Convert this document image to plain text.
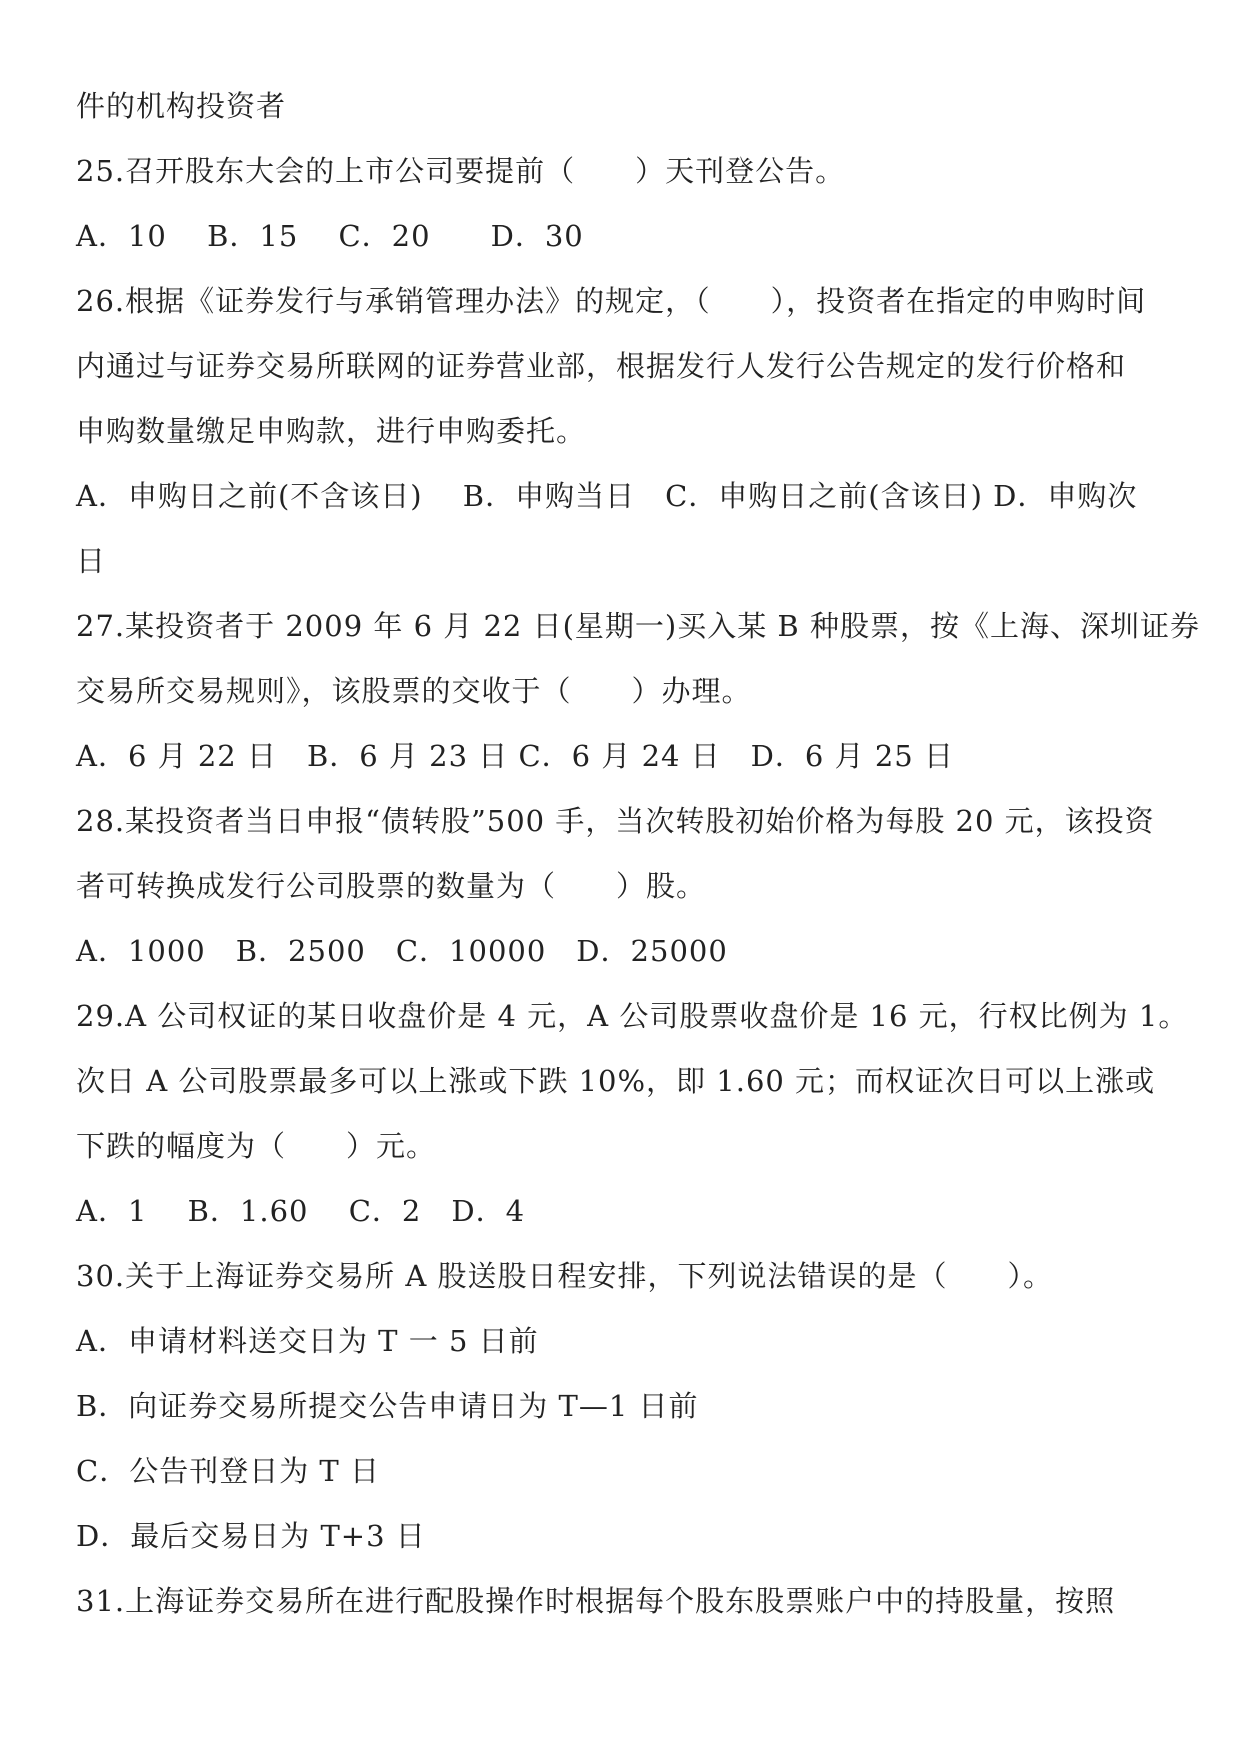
件的机构投资者
25.召开股东大会的上市公司要提前（　　）天刊登公告。
A．10　 B．15　 C．20　　D．30
26.根据《证券发行与承销管理办法》的规定，（　　），投资者在指定的申购时间
内通过与证券交易所联网的证券营业部，根据发行人发行公告规定的发行价格和
申购数量缴足申购款，进行申购委托。
A．申购日之前(不含该日)　 B．申购当日　C．申购日之前(含该日) D．申购次
日
27.某投资者于 2009 年 6 月 22 日(星期一)买入某 B 种股票，按《上海、深圳证券
交易所交易规则》，该股票的交收于（　　）办理。
A．6 月 22 日　B．6 月 23 日 C．6 月 24 日　D．6 月 25 日
28.某投资者当日申报“债转股”500 手，当次转股初始价格为每股 20 元，该投资
者可转换成发行公司股票的数量为（　　）股。
A．1000　B．2500　C．10000　D．25000
29.A 公司权证的某日收盘价是 4 元，A 公司股票收盘价是 16 元，行权比例为 1。
次日 A 公司股票最多可以上涨或下跌 10%，即 1.60 元；而权证次日可以上涨或
下跌的幅度为（　　）元。
A．1　 B．1.60　 C．2　D．4
30.关于上海证券交易所 A 股送股日程安排，下列说法错误的是（　　）。
A．申请材料送交日为 T 一 5 日前
B．向证券交易所提交公告申请日为 T—1 日前
C．公告刊登日为 T 日
D．最后交易日为 T+3 日
31.上海证券交易所在进行配股操作时根据每个股东股票账户中的持股量，按照
